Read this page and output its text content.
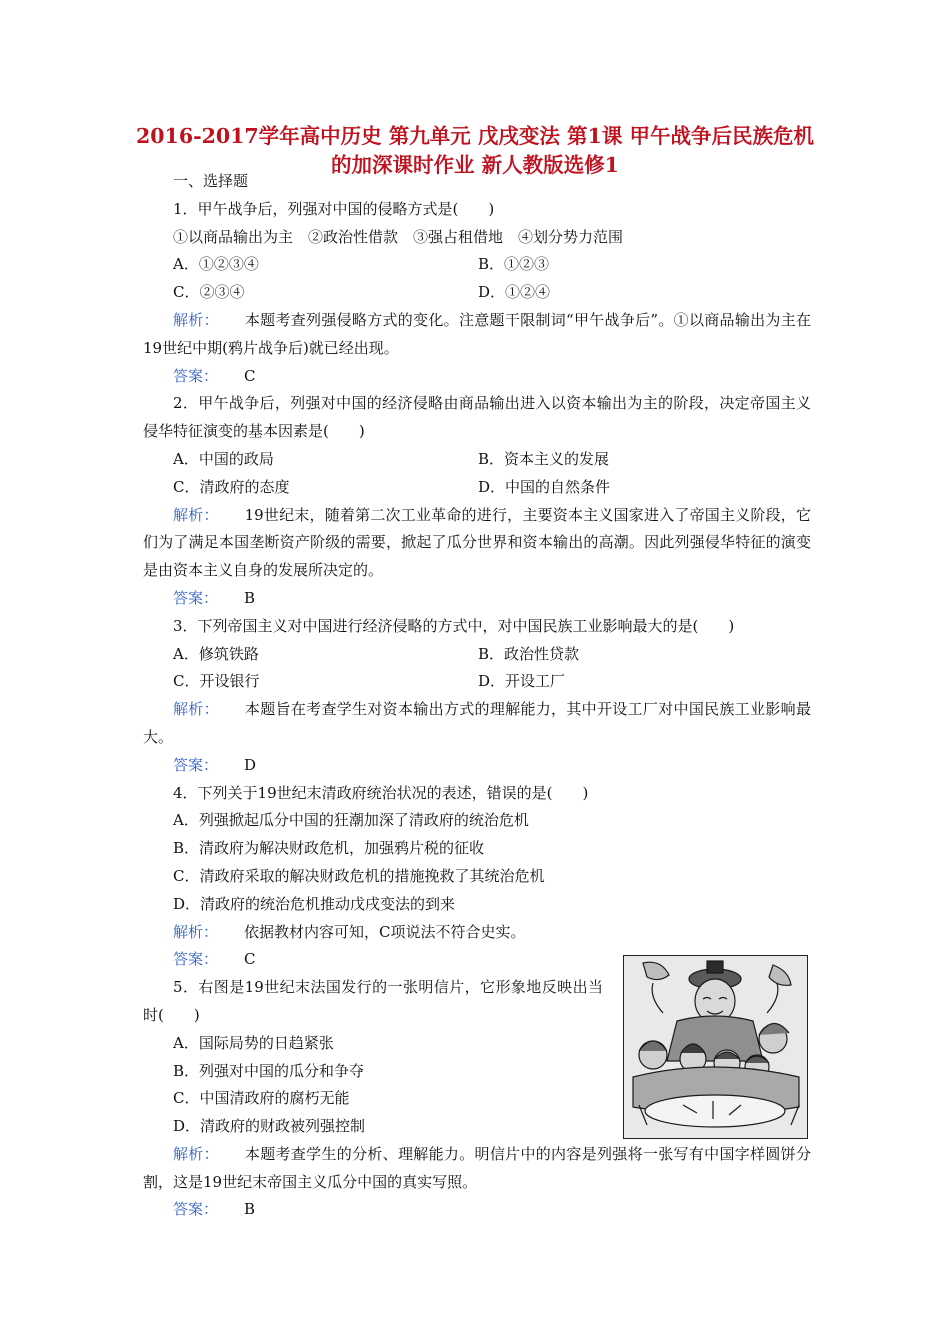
2016-2017学年高中历史 第九单元 戊戌变法 第1课 甲午战争后民族危机的加深课时作业 新人教版选修1
一、选择题
1．甲午战争后，列强对中国的侵略方式是(　　)
①以商品输出为主　②政治性借款　③强占租借地　④划分势力范围
A．①②③④	B．①②③
C．②③④	D．①②④

解析： 本题考查列强侵略方式的变化。注意题干限制词“甲午战争后”。①以商品输出为主在19世纪中期(鸦片战争后)就已经出现。

答案： C

2．甲午战争后，列强对中国的经济侵略由商品输出进入以资本输出为主的阶段，决定帝国主义侵华特征演变的基本因素是(　　)

A．中国的政局	B．资本主义的发展
C．清政府的态度	D．中国的自然条件

解析： 19世纪末，随着第二次工业革命的进行，主要资本主义国家进入了帝国主义阶段，它们为了满足本国垄断资产阶级的需要，掀起了瓜分世界和资本输出的高潮。因此列强侵华特征的演变是由资本主义自身的发展所决定的。

答案： B
3．下列帝国主义对中国进行经济侵略的方式中，对中国民族工业影响最大的是(　　)
A．修筑铁路	B．政治性贷款
C．开设银行	D．开设工厂

解析： 本题旨在考查学生对资本输出方式的理解能力，其中开设工厂对中国民族工业影响最大。

答案： D
4．下列关于19世纪末清政府统治状况的表述，错误的是(　　)
A．列强掀起瓜分中国的狂潮加深了清政府的统治危机
B．清政府为解决财政危机，加强鸦片税的征收
C．清政府采取的解决财政危机的措施挽救了其统治危机
D．清政府的统治危机推动戊戌变法的到来
解析： 依据教材内容可知，C项说法不符合史实。
答案： C

5．右图是19世纪末法国发行的一张明信片，它形象地反映出当时(　　)

A．国际局势的日趋紧张
B．列强对中国的瓜分和争夺
C．中国清政府的腐朽无能
D．清政府的财政被列强控制

解析： 本题考查学生的分析、理解能力。明信片中的内容是列强将一张写有中国字样圆饼分割，这是19世纪末帝国主义瓜分中国的真实写照。

答案： B
